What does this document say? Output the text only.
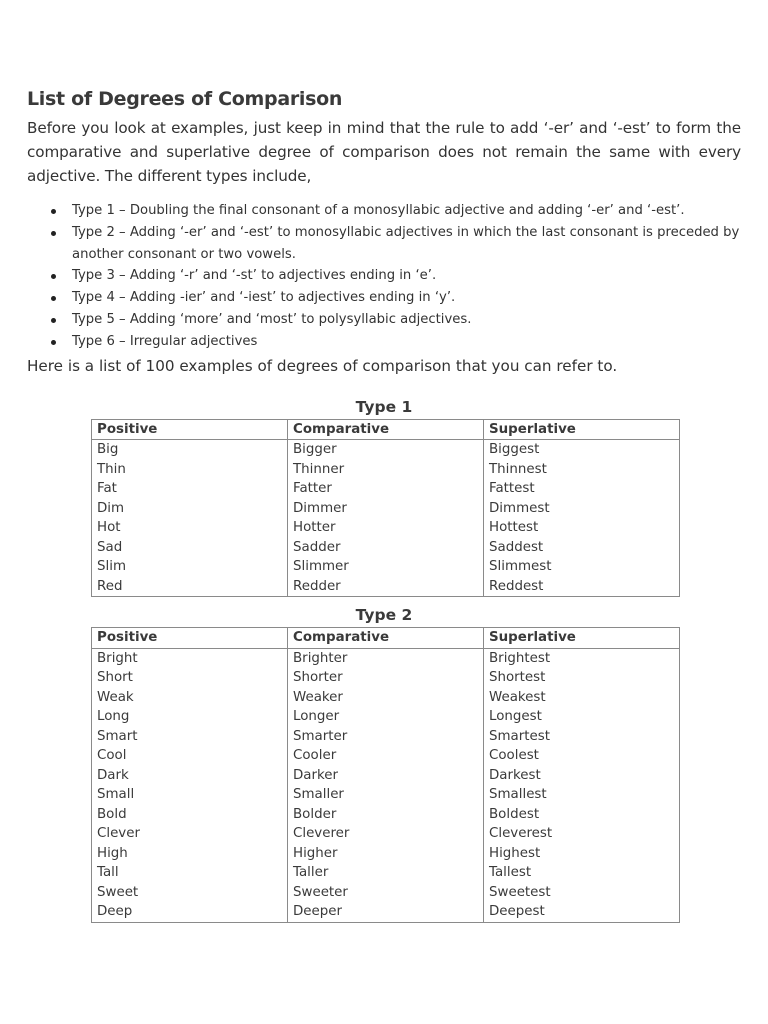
List of Degrees of Comparison

Before you look at examples, just keep in mind that the rule to add ‘-er’ and ‘-est’ to form the comparative and superlative degree of comparison does not remain the same with every adjective. The different types include,

Type 1 – Doubling the final consonant of a monosyllabic adjective and adding ‘-er’ and ‘-est’.
Type 2 – Adding ‘-er’ and ‘-est’ to monosyllabic adjectives in which the last consonant is preceded by another consonant or two vowels.
Type 3 – Adding ‘-r’ and ‘-st’ to adjectives ending in ‘e’.
Type 4 – Adding -ier’ and ‘-iest’ to adjectives ending in ‘y’.
Type 5 – Adding ‘more’ and ‘most’ to polysyllabic adjectives.
Type 6 – Irregular adjectives

Here is a list of 100 examples of degrees of comparison that you can refer to.

Type 1
Positive	Comparative	Superlative
Big	Bigger	Biggest
Thin	Thinner	Thinnest
Fat	Fatter	Fattest
Dim	Dimmer	Dimmest
Hot	Hotter	Hottest
Sad	Sadder	Saddest
Slim	Slimmer	Slimmest
Red	Redder	Reddest
Type 2
Positive	Comparative	Superlative
Bright	Brighter	Brightest
Short	Shorter	Shortest
Weak	Weaker	Weakest
Long	Longer	Longest
Smart	Smarter	Smartest
Cool	Cooler	Coolest
Dark	Darker	Darkest
Small	Smaller	Smallest
Bold	Bolder	Boldest
Clever	Cleverer	Cleverest
High	Higher	Highest
Tall	Taller	Tallest
Sweet	Sweeter	Sweetest
Deep	Deeper	Deepest
